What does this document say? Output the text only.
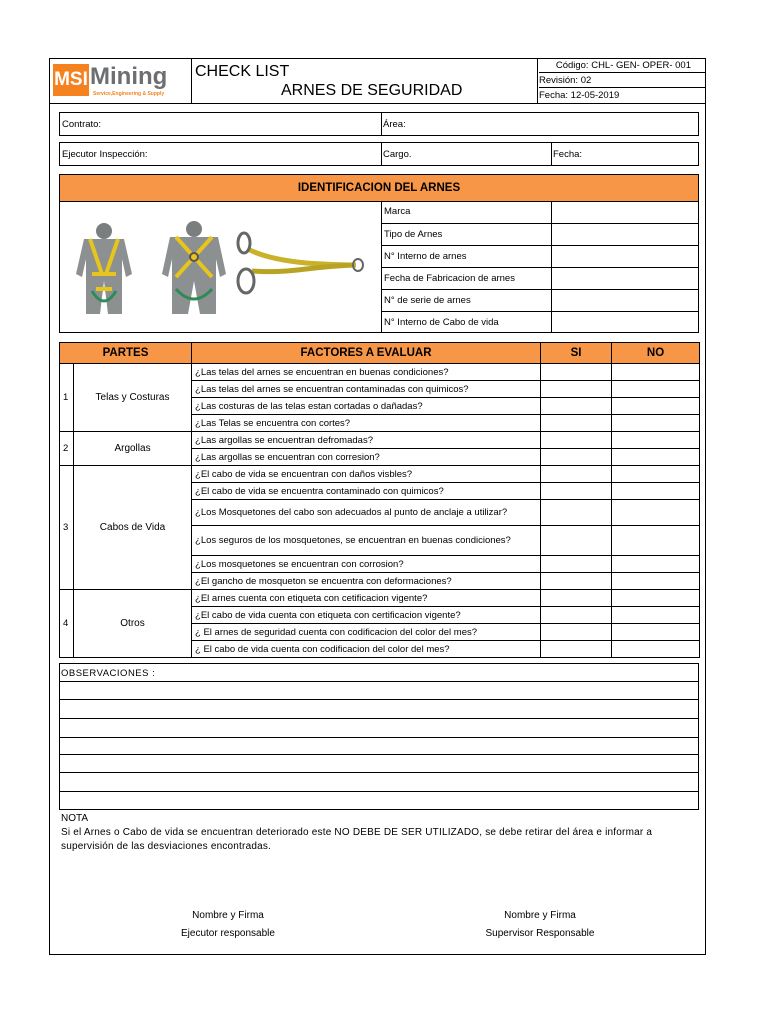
MSI Mining
Service,Engineering & Supply
CHECK LIST
ARNES DE SEGURIDAD
Código: CHL- GEN- OPER- 001
Revisión: 02
Fecha: 12-05-2019
Contrato:	Área:
Ejecutor Inspección:	Cargo.	Fecha:
IDENTIFICACION DEL ARNES
Marca	
Tipo de Arnes	
N° Interno de arnes	
Fecha de Fabricacion de arnes	
N° de serie de arnes	
N° Interno de Cabo de vida	
PARTES		FACTORES A EVALUAR	SI	NO
1	Telas y Costuras	¿Las telas del arnes se encuentran en buenas condiciones?		
		¿Las telas del arnes se encuentran contaminadas con quimicos?		
		¿Las costuras de las telas estan cortadas o dañadas?		
		¿Las Telas se encuentra con cortes?		
2	Argollas	¿Las argollas se encuentran defromadas?		
		¿Las argollas se encuentran con corresion?		
3	Cabos de Vida	¿El cabo de vida se encuentran con daños visbles?		
		¿El cabo de vida se encuentra contaminado con quimicos?		
		¿Los Mosquetones del cabo son adecuados al punto de anclaje a utilizar?		
		¿Los seguros de los mosquetones, se encuentran en buenas condiciones?		
		¿Los mosquetones se encuentran con corrosion?		
		¿El gancho de mosqueton se encuentra con deformaciones?		
4	Otros	¿El arnes cuenta con etiqueta con cetificacion vigente?		
		¿El cabo de vida cuenta con etiqueta con certificacion vigente?		
		¿ El arnes de seguridad cuenta con codificacion del color del mes?		
		¿ El cabo de vida cuenta con codificacion del color del mes?		
OBSERVACIONES :
NOTA
Si el Arnes o Cabo de vida se encuentran deteriorado este NO DEBE DE SER UTILIZADO, se debe retirar del área e informar a supervisión de las desviaciones encontradas.
Nombre y Firma
Ejecutor responsable
Nombre y Firma
Supervisor Responsable
